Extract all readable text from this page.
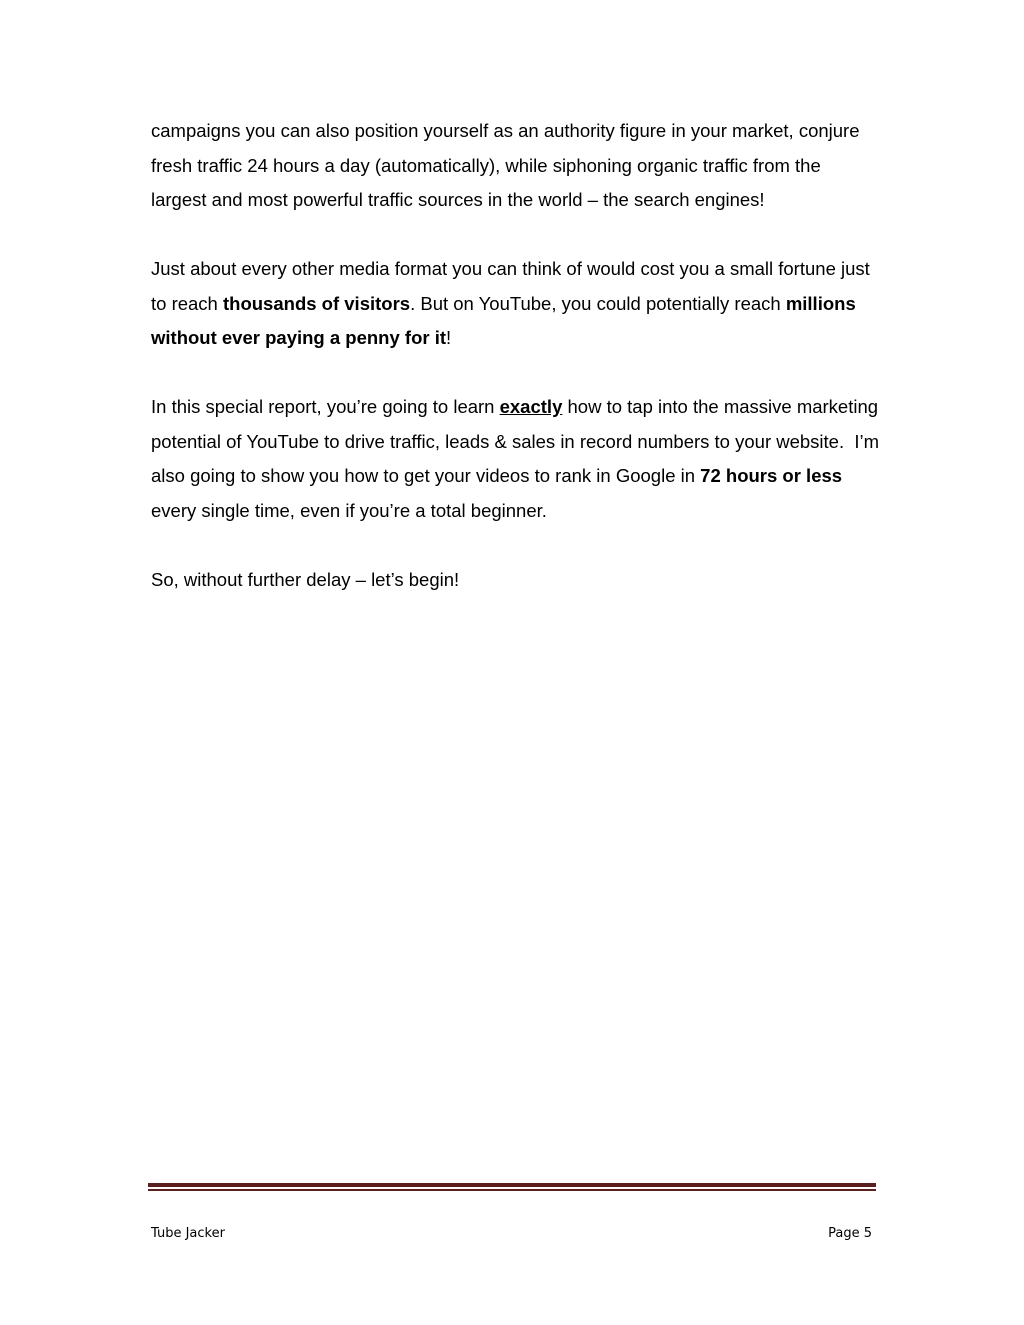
campaigns you can also position yourself as an authority figure in your market, conjure fresh traffic 24 hours a day (automatically), while siphoning organic traffic from the largest and most powerful traffic sources in the world – the search engines!

Just about every other media format you can think of would cost you a small fortune just to reach thousands of visitors. But on YouTube, you could potentially reach millions without ever paying a penny for it!

In this special report, you’re going to learn exactly how to tap into the massive marketing potential of YouTube to drive traffic, leads & sales in record numbers to your website.  I’m also going to show you how to get your videos to rank in Google in 72 hours or less every single time, even if you’re a total beginner.

So, without further delay – let’s begin!

Tube Jacker	Page 5
